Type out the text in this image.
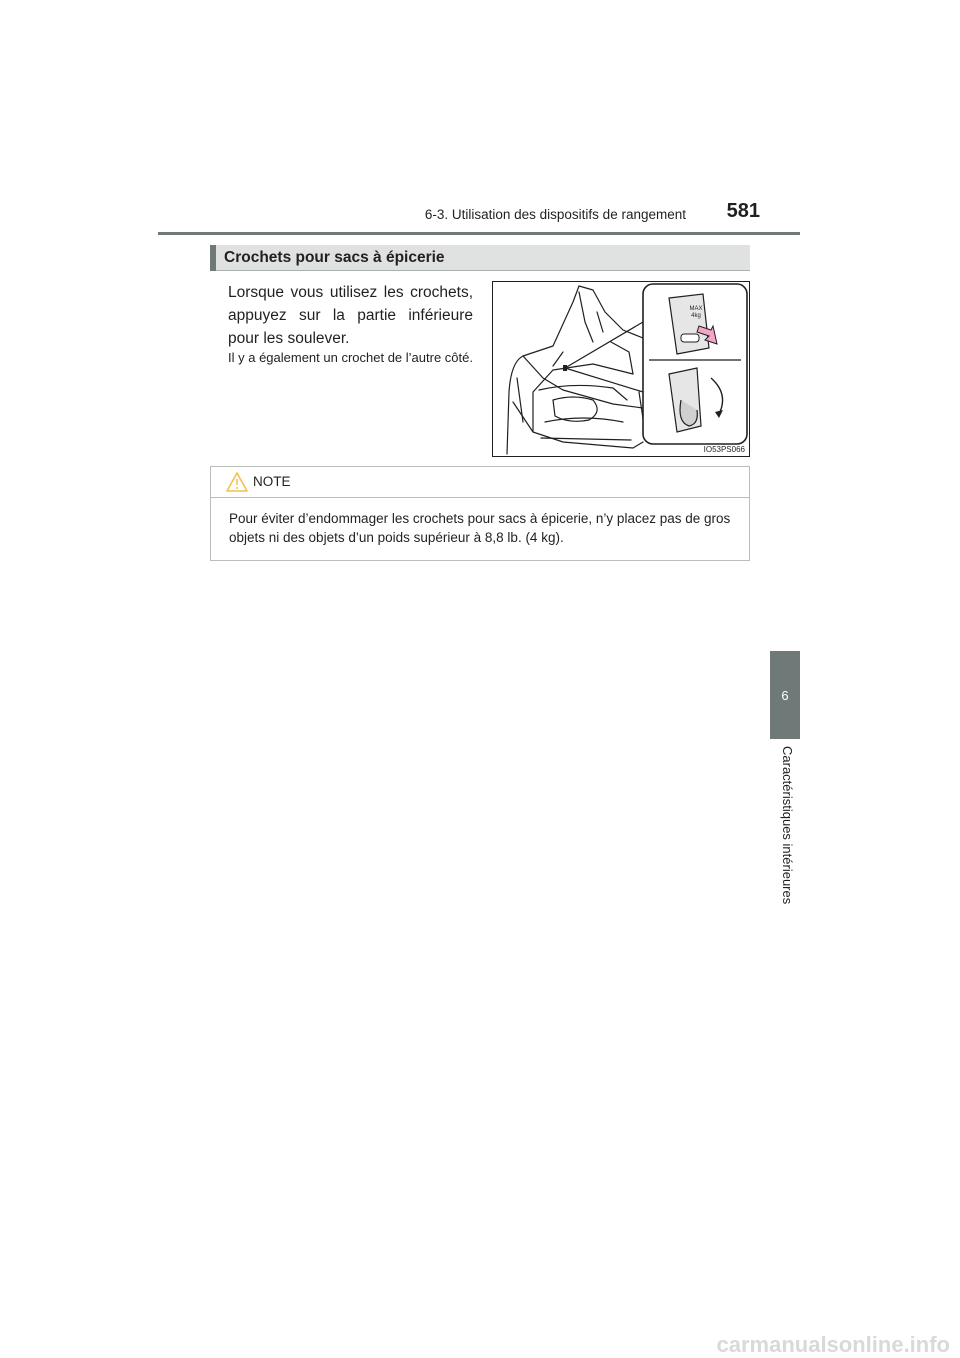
6-3. Utilisation des dispositifs de rangement	581
6
Caractéristiques intérieures
Crochets pour sacs à épicerie
Lorsque vous utilisez les crochets, appuyez sur la partie inférieure pour les soulever.
Il y a également un crochet de l’autre côté.
MAX
4kg
IO53PS066
NOTE
Pour éviter d’endommager les crochets pour sacs à épicerie, n’y placez pas de gros objets ni des objets d’un poids supérieur à 8,8 lb. (4 kg).
carmanualsonline.info
